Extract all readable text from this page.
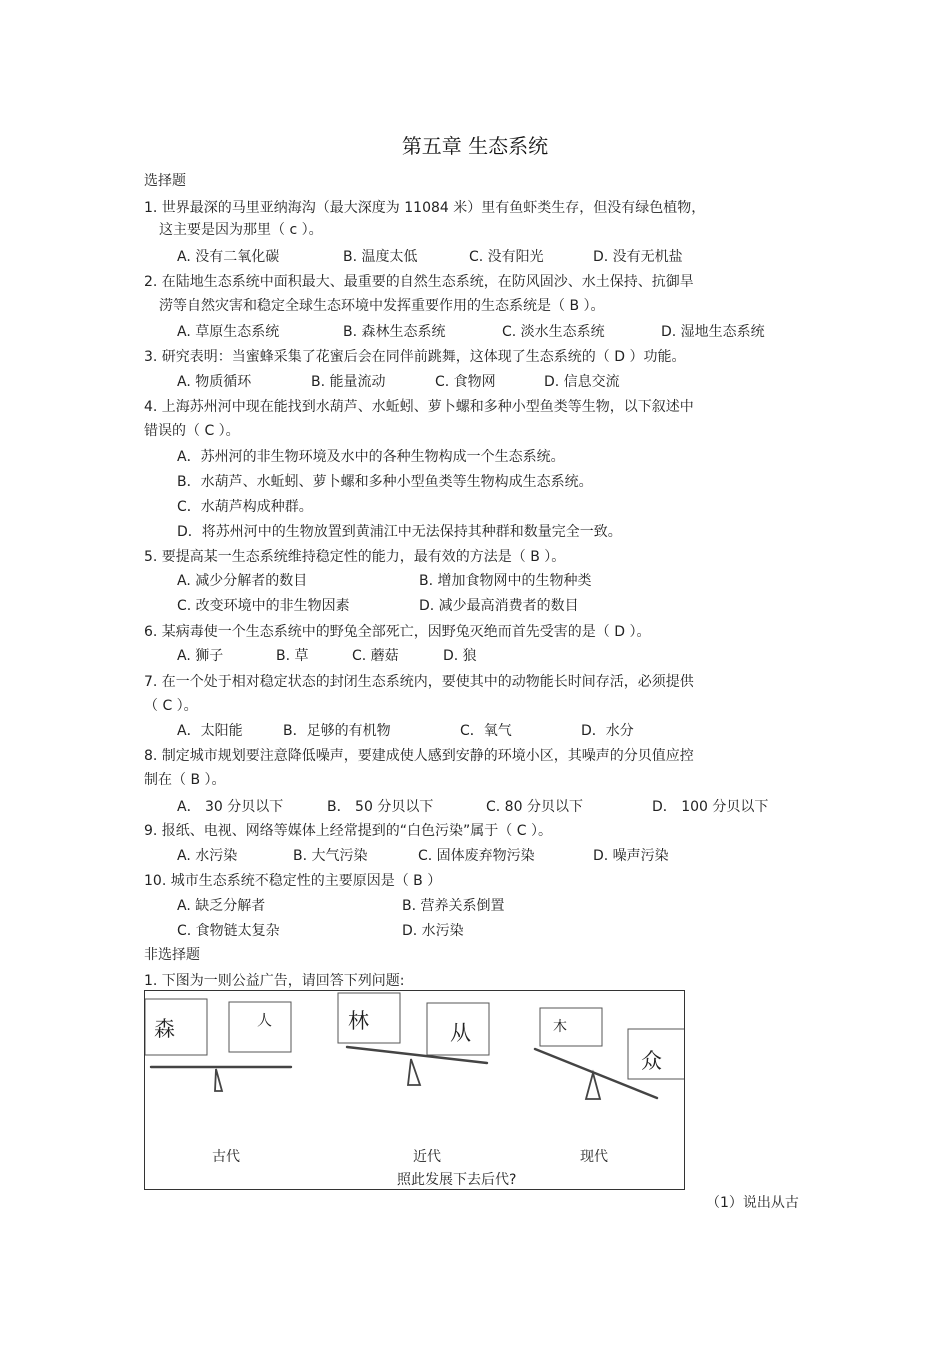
第五章 生态系统
选择题
1. 世界最深的马里亚纳海沟（最大深度为 11084 米）里有鱼虾类生存，但没有绿色植物，
这主要是因为那里（ c ）。
A. 没有二氧化碳	B. 温度太低	C. 没有阳光	D. 没有无机盐
2. 在陆地生态系统中面积最大、最重要的自然生态系统，在防风固沙、水土保持、抗御旱
涝等自然灾害和稳定全球生态环境中发挥重要作用的生态系统是（ B ）。
A. 草原生态系统	B. 森林生态系统	C. 淡水生态系统	D. 湿地生态系统
3. 研究表明：当蜜蜂采集了花蜜后会在同伴前跳舞，这体现了生态系统的（ D ）功能。
A. 物质循环	B. 能量流动	C. 食物网	D. 信息交流
4. 上海苏州河中现在能找到水葫芦、水蚯蚓、萝卜螺和多种小型鱼类等生物，以下叙述中
错误的（ C ）。
A．苏州河的非生物环境及水中的各种生物构成一个生态系统。
B．水葫芦、水蚯蚓、萝卜螺和多种小型鱼类等生物构成生态系统。
C．水葫芦构成种群。
D．将苏州河中的生物放置到黄浦江中无法保持其种群和数量完全一致。
5. 要提高某一生态系统维持稳定性的能力，最有效的方法是（ B ）。
A. 减少分解者的数目	B. 增加食物网中的生物种类
C. 改变环境中的非生物因素	D. 减少最高消费者的数目
6. 某病毒使一个生态系统中的野兔全部死亡，因野兔灭绝而首先受害的是（ D ）。
A. 狮子	B. 草	C. 蘑菇	D. 狼
7. 在一个处于相对稳定状态的封闭生态系统内，要使其中的动物能长时间存活，必须提供
（ C ）。
A．太阳能	B．足够的有机物	C．氧气	D．水分
8. 制定城市规划要注意降低噪声，要建成使人感到安静的环境小区，其噪声的分贝值应控
制在（ B ）。
A． 30 分贝以下	B． 50 分贝以下	C. 80 分贝以下	D． 100 分贝以下
9. 报纸、电视、网络等媒体上经常提到的“白色污染”属于（ C ）。
A. 水污染	B. 大气污染	C. 固体废弃物污染	D. 噪声污染
10. 城市生态系统不稳定性的主要原因是（ B ）
A. 缺乏分解者	B. 营养关系倒置
C. 食物链太复杂	D. 水污染
非选择题
1. 下图为一则公益广告，请回答下列问题:
森	人	林	从	木
众
古代	近代	现代
照此发展下去后代?
（1）说出从古
